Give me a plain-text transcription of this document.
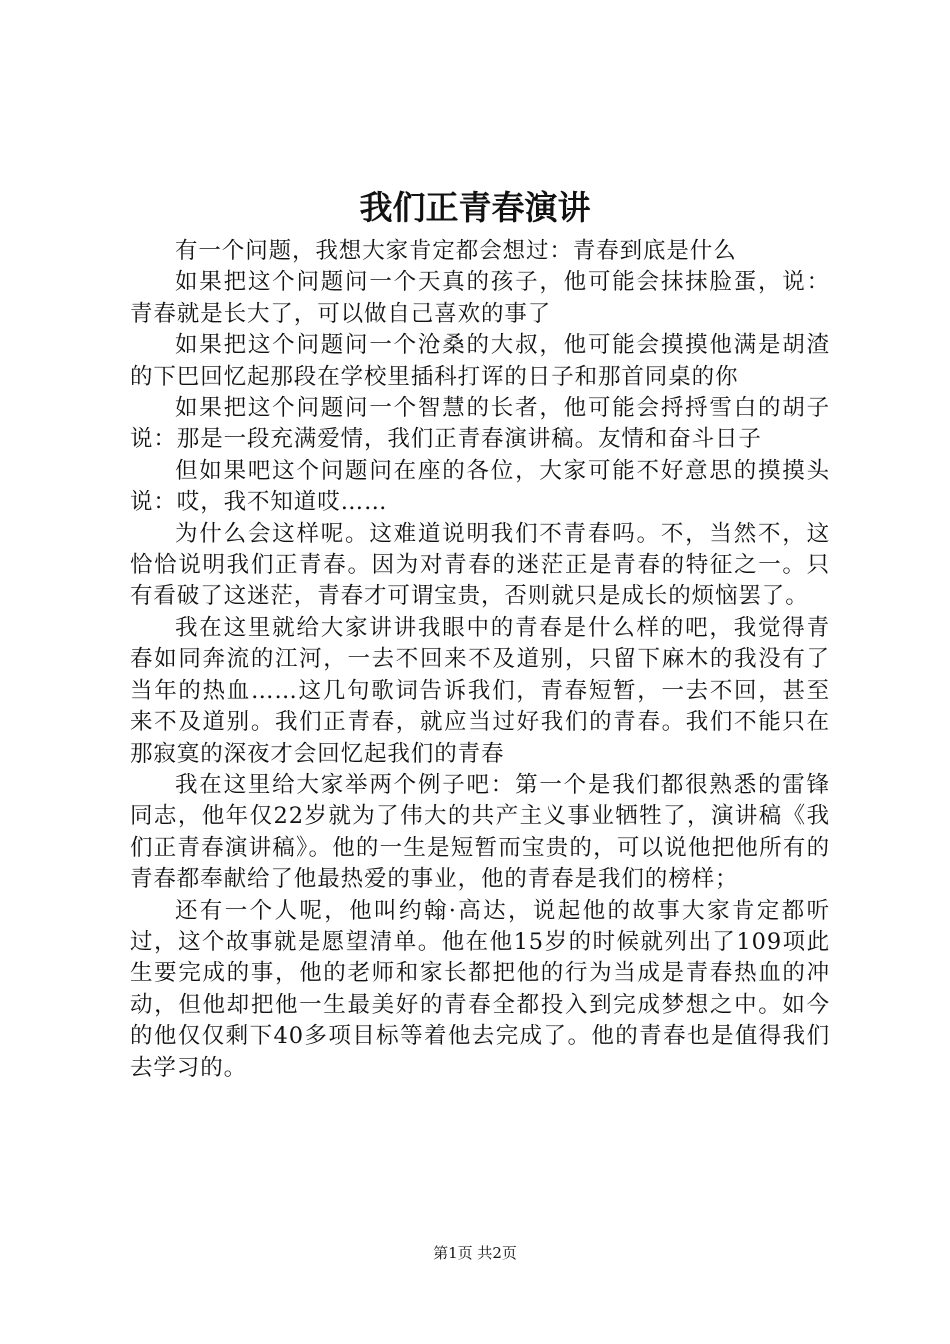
我们正青春演讲

有一个问题，我想大家肯定都会想过：青春到底是什么

如果把这个问题问一个天真的孩子，他可能会抹抹脸蛋，说：青春就是长大了，可以做自己喜欢的事了

如果把这个问题问一个沧桑的大叔，他可能会摸摸他满是胡渣的下巴回忆起那段在学校里插科打诨的日子和那首同桌的你

如果把这个问题问一个智慧的长者，他可能会捋捋雪白的胡子说：那是一段充满爱情，我们正青春演讲稿。友情和奋斗日子

但如果吧这个问题问在座的各位，大家可能不好意思的摸摸头说：哎，我不知道哎……

为什么会这样呢。这难道说明我们不青春吗。不，当然不，这恰恰说明我们正青春。因为对青春的迷茫正是青春的特征之一。只有看破了这迷茫，青春才可谓宝贵，否则就只是成长的烦恼罢了。

我在这里就给大家讲讲我眼中的青春是什么样的吧，我觉得青春如同奔流的江河，一去不回来不及道别，只留下麻木的我没有了当年的热血……这几句歌词告诉我们，青春短暂，一去不回，甚至来不及道别。我们正青春，就应当过好我们的青春。我们不能只在那寂寞的深夜才会回忆起我们的青春

我在这里给大家举两个例子吧：第一个是我们都很熟悉的雷锋同志，他年仅22岁就为了伟大的共产主义事业牺牲了，演讲稿《我们正青春演讲稿》。他的一生是短暂而宝贵的，可以说他把他所有的青春都奉献给了他最热爱的事业，他的青春是我们的榜样；

还有一个人呢，他叫约翰·高达，说起他的故事大家肯定都听过，这个故事就是愿望清单。他在他15岁的时候就列出了109项此生要完成的事，他的老师和家长都把他的行为当成是青春热血的冲动，但他却把他一生最美好的青春全都投入到完成梦想之中。如今的他仅仅剩下40多项目标等着他去完成了。他的青春也是值得我们去学习的。

第1页 共2页
